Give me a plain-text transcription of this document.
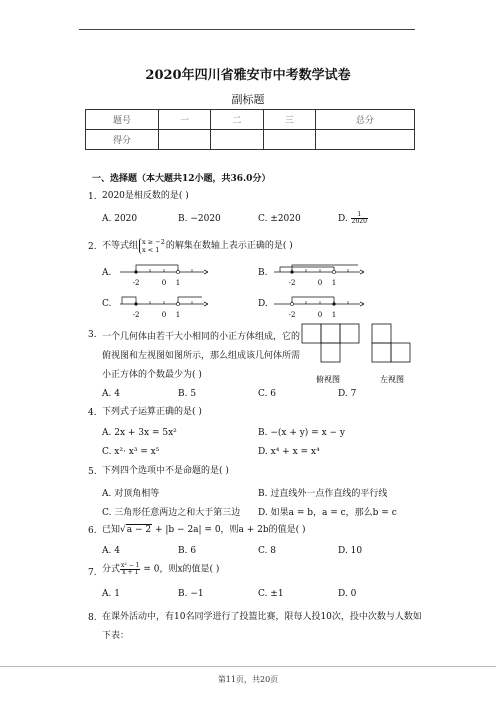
2020年四川省雅安市中考数学试卷
副标题
题号	一	二	三	总分
得分				
一、选择题（本大题共12小题，共36.0分）
1. 2020是相反数的是( )
A. 2020	B. −2020	C. ±2020	D. $\frac{1}{2020}$
2. 不等式组 x ≥ −2
x < 1 的解集在数轴上表示正确的是( )
A.
-2	0 1
B.
-2	0 1
C.
-2	0 1
D.
-2	0 1
3. 一个几何体由若干大小相同的小正方体组成，它的
俯视图和左视图如图所示，那么组成该几何体所需
小正方体的个数最少为( )	俯视图	左视图
A. 4	B. 5	C. 6	D. 7
4. 下列式子运算正确的是( )
A. 2x + 3x = 5x²	B. −(x + y) = x − y
C. x²· x³ = x⁵	D. x⁴ + x = x⁴
5. 下列四个选项中不是命题的是( )
A. 对顶角相等	B. 过直线外一点作直线的平行线
C. 三角形任意两边之和大于第三边 D. 如果a = b，a = c，那么b = c
6. 已知√a − 2 + |b − 2a| = 0，则a + 2b的值是( )
A. 4	B. 6	C. 8	D. 10
7. 分式 $\frac{\text{x² − 1}}{x + 1} = 0$，则x的值是( )
A. 1	B. −1	C. ±1	D. 0
8. 在课外活动中，有10名同学进行了投篮比赛，限每人投10次，投中次数与人数如
下表：
第11页，共20页
